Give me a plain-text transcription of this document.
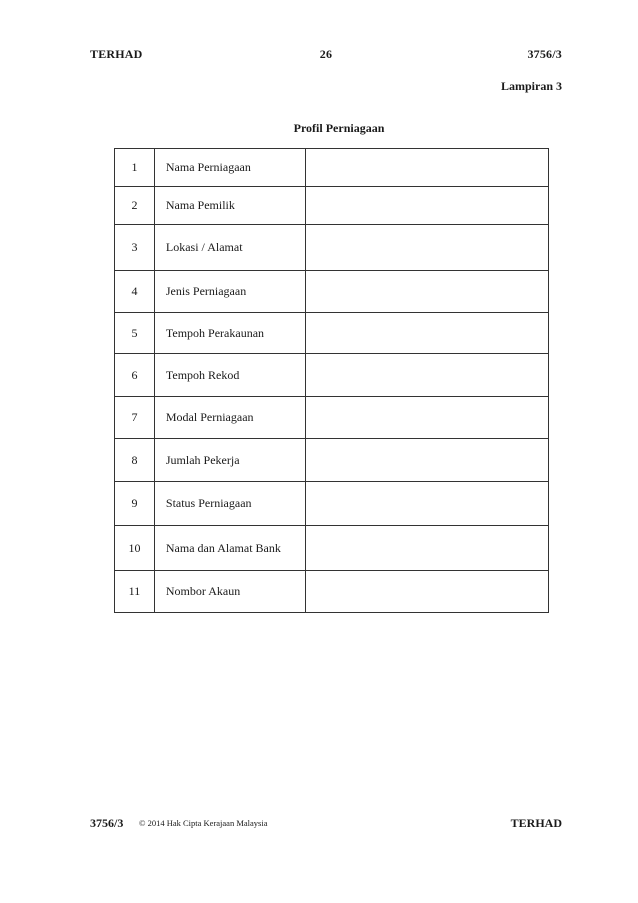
TERHAD	26	3756/3
Lampiran 3
Profil Perniagaan
1	Nama Perniagaan	
2	Nama Pemilik	
3	Lokasi / Alamat	
4	Jenis Perniagaan	
5	Tempoh Perakaunan	
6	Tempoh Rekod	
7	Modal Perniagaan	
8	Jumlah Pekerja	
9	Status Perniagaan	
10	Nama dan Alamat Bank	
11	Nombor Akaun	
3756/3 © 2014 Hak Cipta Kerajaan Malaysia	TERHAD
